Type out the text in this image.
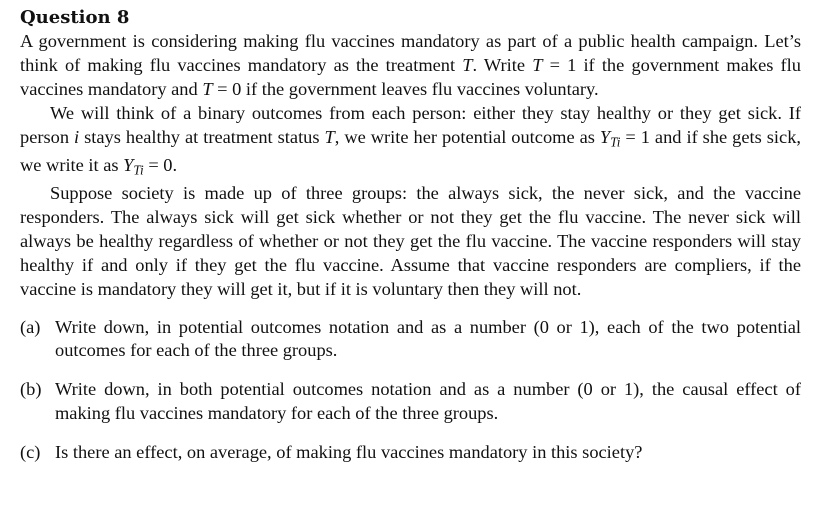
Question 8

A government is considering making flu vaccines mandatory as part of a public health campaign. Let’s think of making flu vaccines mandatory as the treatment T. Write T = 1 if the government makes flu vaccines mandatory and T = 0 if the government leaves flu vaccines voluntary.

We will think of a binary outcomes from each person: either they stay healthy or they get sick. If person i stays healthy at treatment status T, we write her potential outcome as $Y_{Ti} = 1$ and if she gets sick, we write it as $Y_{Ti} = 0$.

Suppose society is made up of three groups: the always sick, the never sick, and the vaccine responders. The always sick will get sick whether or not they get the flu vaccine. The never sick will always be healthy regardless of whether or not they get the flu vaccine. The vaccine responders will stay healthy if and only if they get the flu vaccine. Assume that vaccine responders are compliers, if the vaccine is mandatory they will get it, but if it is voluntary then they will not.

(a) Write down, in potential outcomes notation and as a number (0 or 1), each of the two potential outcomes for each of the three groups.
(b) Write down, in both potential outcomes notation and as a number (0 or 1), the causal effect of making flu vaccines mandatory for each of the three groups.
(c) Is there an effect, on average, of making flu vaccines mandatory in this society?
